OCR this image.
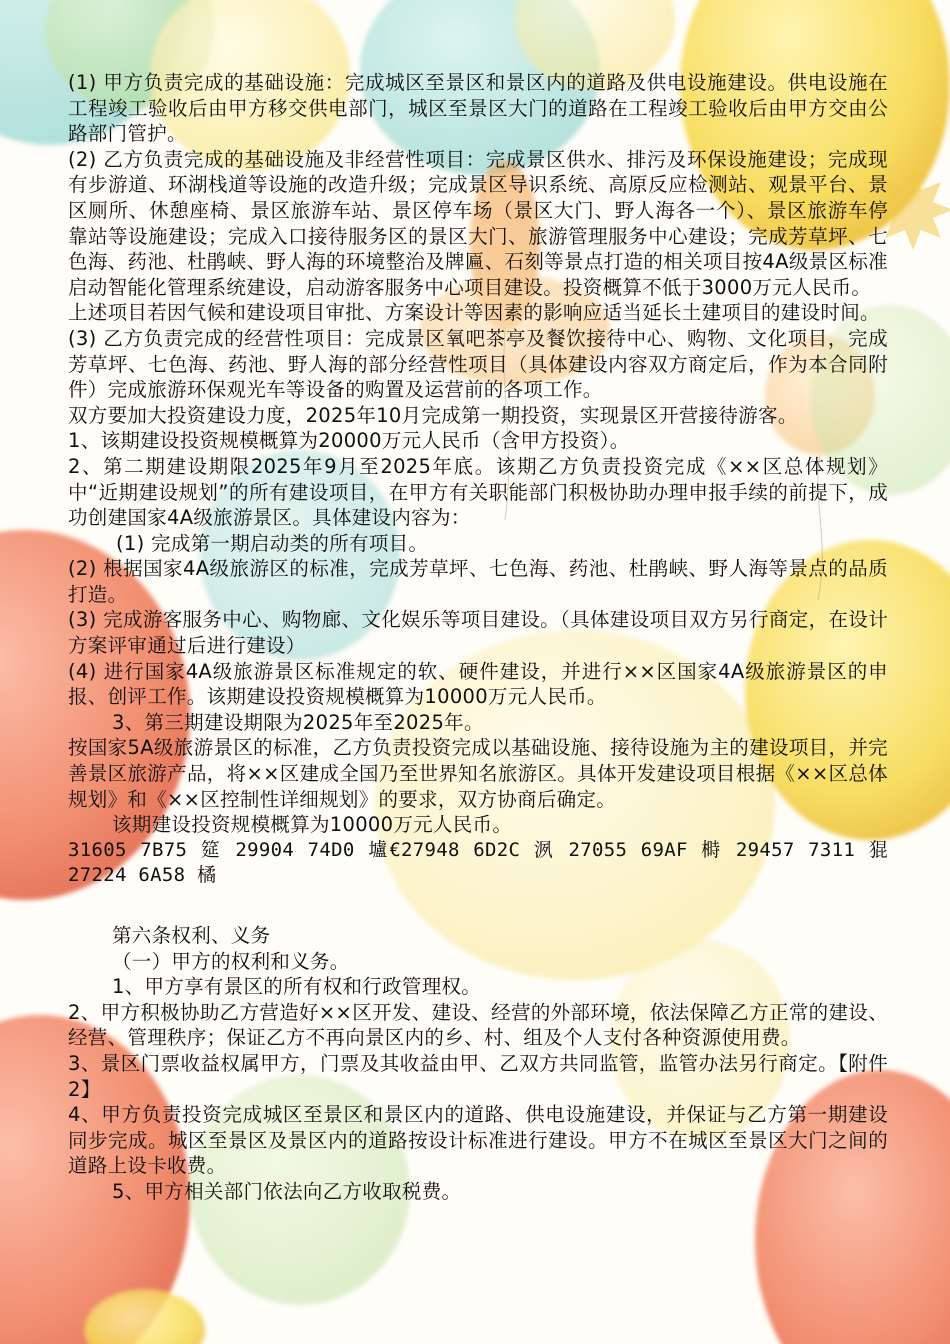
(1) 甲方负责完成的基础设施：完成城区至景区和景区内的道路及供电设施建设。供电设施在工程竣工验收后由甲方移交供电部门，城区至景区大门的道路在工程竣工验收后由甲方交由公路部门管护。

(2) 乙方负责完成的基础设施及非经营性项目：完成景区供水、排污及环保设施建设；完成现有步游道、环湖栈道等设施的改造升级；完成景区导识系统、高原反应检测站、观景平台、景区厕所、休憩座椅、景区旅游车站、景区停车场（景区大门、野人海各一个）、景区旅游车停靠站等设施建设；完成入口接待服务区的景区大门、旅游管理服务中心建设；完成芳草坪、七色海、药池、杜鹃峡、野人海的环境整治及牌匾、石刻等景点打造的相关项目按4A级景区标准启动智能化管理系统建设，启动游客服务中心项目建设。投资概算不低于3000万元人民币。

上述项目若因气候和建设项目审批、方案设计等因素的影响应适当延长土建项目的建设时间。

(3) 乙方负责完成的经营性项目：完成景区氧吧茶亭及餐饮接待中心、购物、文化项目，完成芳草坪、七色海、药池、野人海的部分经营性项目（具体建设内容双方商定后，作为本合同附件）完成旅游环保观光车等设备的购置及运营前的各项工作。

双方要加大投资建设力度，2025年10月完成第一期投资，实现景区开营接待游客。

1、该期建设投资规模概算为20000万元人民币（含甲方投资）。

2、第二期建设期限2025年9月至2025年底。该期乙方负责投资完成《××区总体规划》中“近期建设规划”的所有建设项目，在甲方有关职能部门积极协助办理申报手续的前提下，成功创建国家4A级旅游景区。具体建设内容为：

(1) 完成第一期启动类的所有项目。

(2) 根据国家4A级旅游区的标准，完成芳草坪、七色海、药池、杜鹃峡、野人海等景点的品质打造。

(3) 完成游客服务中心、购物廊、文化娱乐等项目建设。（具体建设项目双方另行商定，在设计方案评审通过后进行建设）

(4) 进行国家4A级旅游景区标准规定的软、硬件建设，并进行××区国家4A级旅游景区的申报、创评工作。该期建设投资规模概算为10000万元人民币。

3、第三期建设期限为2025年至2025年。

按国家5A级旅游景区的标准，乙方负责投资完成以基础设施、接待设施为主的建设项目，并完善景区旅游产品，将××区建成全国乃至世界知名旅游区。具体开发建设项目根据《××区总体规划》和《××区控制性详细规划》的要求，双方协商后确定。

该期建设投资规模概算为10000万元人民币。

31605 7B75 筵 29904 74D0 壚€27948 6D2C 洬 27055 69AF 榯 29457 7311 猑 27224 6A58 橘

第六条权利、义务

（一）甲方的权利和义务。

1、甲方享有景区的所有权和行政管理权。

2、甲方积极协助乙方营造好××区开发、建设、经营的外部环境，依法保障乙方正常的建设、经营、管理秩序；保证乙方不再向景区内的乡、村、组及个人支付各种资源使用费。

3、景区门票收益权属甲方，门票及其收益由甲、乙双方共同监管，监管办法另行商定。【附件2】

4、甲方负责投资完成城区至景区和景区内的道路、供电设施建设，并保证与乙方第一期建设同步完成。城区至景区及景区内的道路按设计标准进行建设。甲方不在城区至景区大门之间的道路上设卡收费。

5、甲方相关部门依法向乙方收取税费。
